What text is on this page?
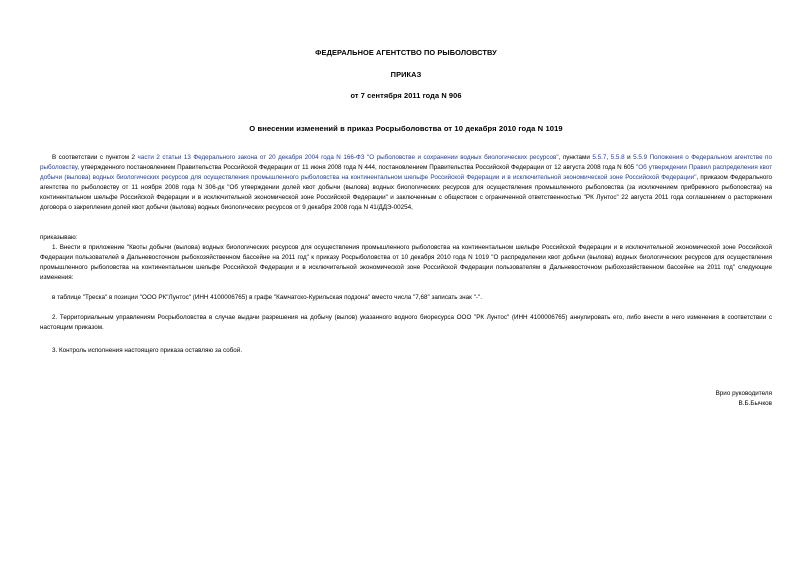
ФЕДЕРАЛЬНОЕ АГЕНТСТВО ПО РЫБОЛОВСТВУ
ПРИКАЗ
от 7 сентября 2011 года N 906
О внесении изменений в приказ Росрыболовства от 10 декабря 2010 года N 1019

В соответствии с пунктом 2 части 2 статьи 13 Федерального закона от 20 декабря 2004 года N 166-ФЗ "О рыболовстве и сохранении водных биологических ресурсов", пунктами 5.5.7, 5.5.8 и 5.5.9 Положения о Федеральном агентстве по рыболовству, утвержденного постановлением Правительства Российской Федерации от 11 июня 2008 года N 444, постановлением Правительства Российской Федерации от 12 августа 2008 года N 605 "Об утверждении Правил распределения квот добычи (вылова) водных биологических ресурсов для осуществления промышленного рыболовства на континентальном шельфе Российской Федерации и в исключительной экономической зоне Российской Федерации", приказом Федерального агентства по рыболовству от 11 ноября 2008 года N 306-дк "Об утверждении долей квот добычи (вылова) водных биологических ресурсов для осуществления промышленного рыболовства (за исключением прибрежного рыболовства) на континентальном шельфе Российской Федерации и в исключительной экономической зоне Российской Федерации" и заключенным с обществом с ограниченной ответственностью "РК Лунтос" 22 августа 2011 года соглашением о расторжении договора о закреплении долей квот добычи (вылова) водных биологических ресурсов от 9 декабря 2008 года N 41/ДДЭ-00254,

приказываю:

1. Внести в приложение "Квоты добычи (вылова) водных биологических ресурсов для осуществления промышленного рыболовства на континентальном шельфе Российской Федерации и в исключительной экономической зоне Российской Федерации пользователей в Дальневосточном рыбохозяйственном бассейне на 2011 год" к приказу Росрыболовства от 10 декабря 2010 года N 1019 "О распределении квот добычи (вылова) водных биологических ресурсов для осуществления промышленного рыболовства на континентальном шельфе Российской Федерации и в исключительной экономической зоне Российской Федерации пользователям в Дальневосточном рыбохозяйственном бассейне на 2011 год" следующие изменения:

в таблице "Треска" в позиции "ООО РК"Лунтос" (ИНН 4100006765) в графе "Камчатско-Курильская подзона" вместо числа "7,68" записать знак "-".

2. Территориальным управлениям Росрыболовства в случае выдачи разрешения на добычу (вылов) указанного водного биоресурса ООО "РК Лунтос" (ИНН 4100006765) аннулировать его, либо внести в него изменения в соответствии с настоящим приказом.

3. Контроль исполнения настоящего приказа оставляю за собой.

Врио руководителя
В.Б.Бычков
